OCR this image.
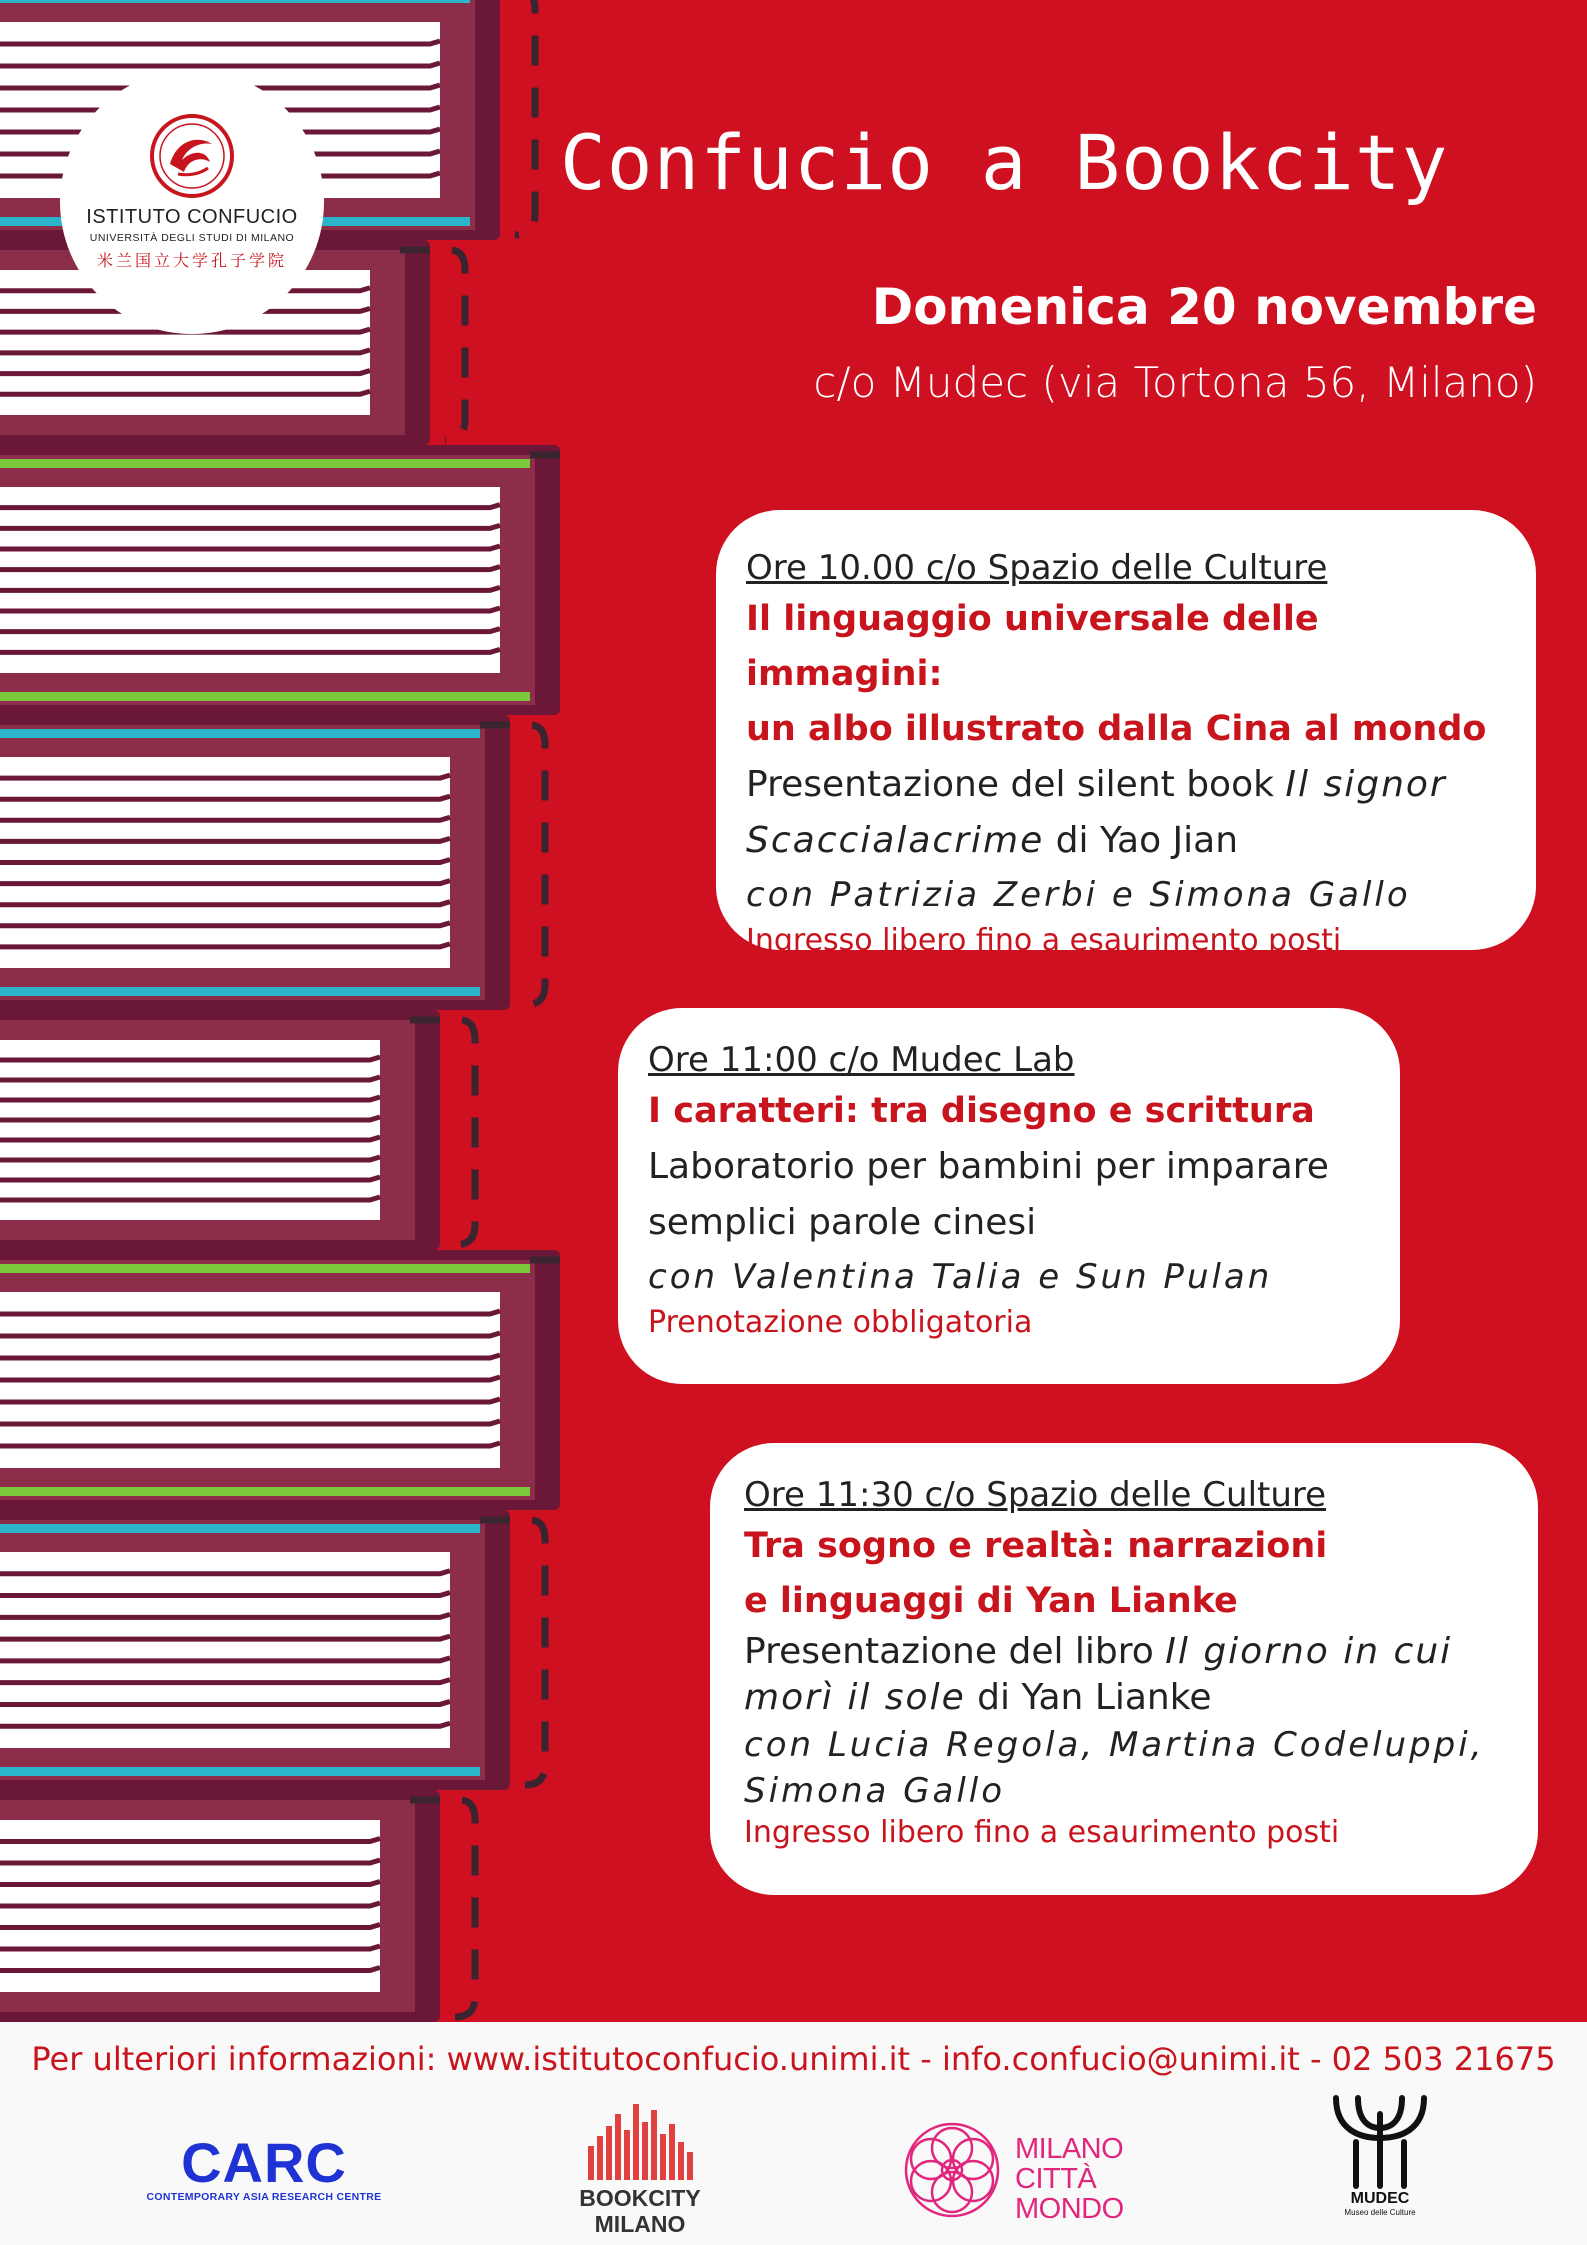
ISTITUTO CONFUCIO
UNIVERSITÀ DEGLI STUDI DI MILANO
米兰国立大学孔子学院
Confucio a Bookcity
Domenica 20 novembre
c/o Mudec (via Tortona 56, Milano)
Ore 10.00 c/o Spazio delle Culture
Il linguaggio universale delle immagini:
un albo illustrato dalla Cina al mondo
Presentazione del silent book Il signor
Scaccialacrime di Yao Jian
con Patrizia Zerbi e Simona Gallo
Ingresso libero fino a esaurimento posti
Ore 11:00 c/o Mudec Lab
I caratteri: tra disegno e scrittura
Laboratorio per bambini per imparare
semplici parole cinesi
con Valentina Talia e Sun Pulan
Prenotazione obbligatoria
Ore 11:30 c/o Spazio delle Culture
Tra sogno e realtà: narrazioni
e linguaggi di Yan Lianke
Presentazione del libro Il giorno in cui
morì il sole di Yan Lianke
con Lucia Regola, Martina Codeluppi,
Simona Gallo
Ingresso libero fino a esaurimento posti
Per ulteriori informazioni: www.istitutoconfucio.unimi.it - info.confucio@unimi.it - 02 503 21675
CARC
CONTEMPORARY ASIA RESEARCH CENTRE	BOOKCITY
MILANO
MILANO
CITTÀ
MONDO	MUDEC
Museo delle Culture
